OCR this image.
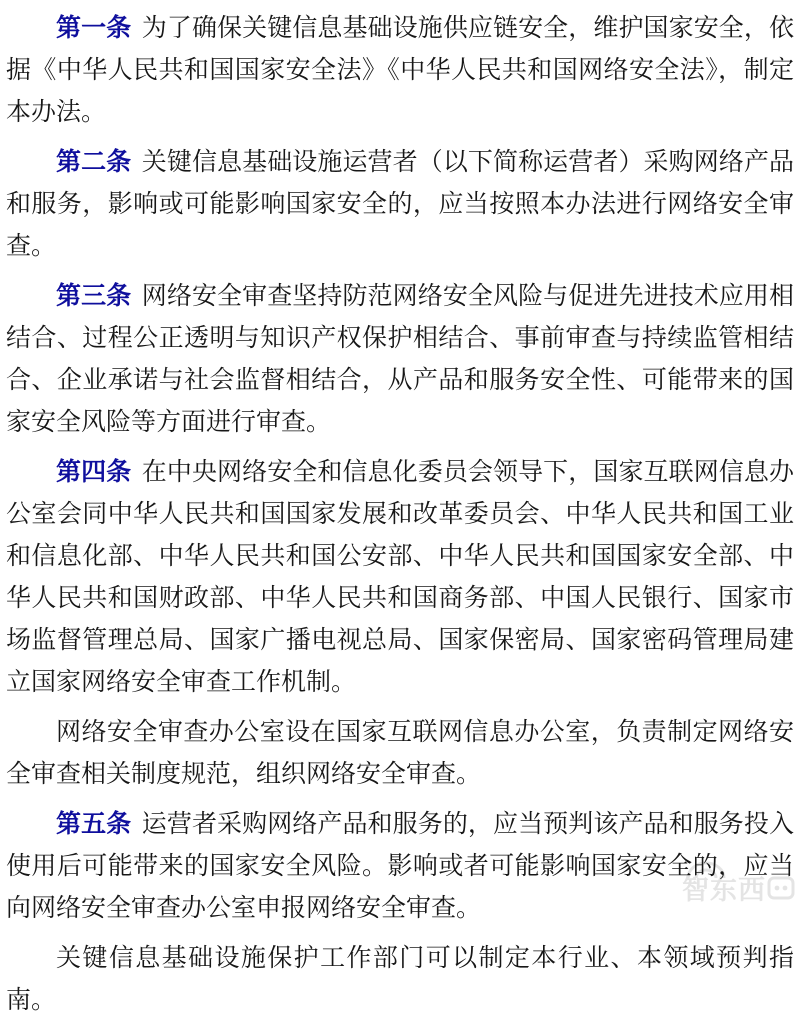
智东西

第一条 为了确保关键信息基础设施供应链安全，维护国家安全，依据《中华人民共和国国家安全法》《中华人民共和国网络安全法》，制定本办法。

第二条 关键信息基础设施运营者（以下简称运营者）采购网络产品和服务，影响或可能影响国家安全的，应当按照本办法进行网络安全审查。

第三条 网络安全审查坚持防范网络安全风险与促进先进技术应用相结合、过程公正透明与知识产权保护相结合、事前审查与持续监管相结合、企业承诺与社会监督相结合，从产品和服务安全性、可能带来的国家安全风险等方面进行审查。

第四条 在中央网络安全和信息化委员会领导下，国家互联网信息办公室会同中华人民共和国国家发展和改革委员会、中华人民共和国工业和信息化部、中华人民共和国公安部、中华人民共和国国家安全部、中华人民共和国财政部、中华人民共和国商务部、中国人民银行、国家市场监督管理总局、国家广播电视总局、国家保密局、国家密码管理局建立国家网络安全审查工作机制。

网络安全审查办公室设在国家互联网信息办公室，负责制定网络安全审查相关制度规范，组织网络安全审查。

第五条 运营者采购网络产品和服务的，应当预判该产品和服务投入使用后可能带来的国家安全风险。影响或者可能影响国家安全的，应当向网络安全审查办公室申报网络安全审查。

关键信息基础设施保护工作部门可以制定本行业、本领域预判指南。
